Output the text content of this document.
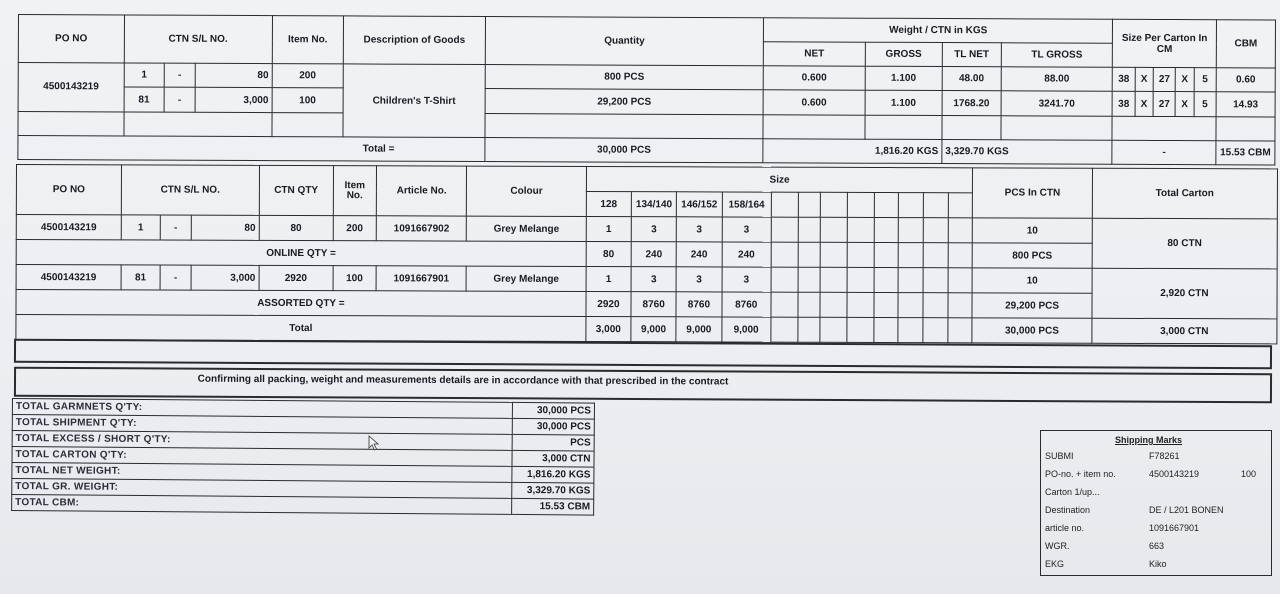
PO NO	CTN S/L NO.			Item No.	Description of Goods	Quantity	Weight / CTN in KGS				Size Per Carton In CM					CBM
							NET	GROSS	TL NET	TL GROSS						
4500143219	1	-	80	200	Children's T-Shirt	800 PCS	0.600	1.100	48.00	88.00	38	X	27	X	5	0.60
	81	-	3,000	100		29,200 PCS	0.600	1.100	1768.20	3241.70	38	X	27	X	5	14.93

Total =						30,000 PCS	1,816.20 KGS		3,329.70 KGS		-					15.53 CBM
PO NO	CTN S/L NO.			CTN QTY	Item No.	Article No.	Colour	Size												PCS In CTN	Total Carton
								128	134/140	146/152	158/164										
4500143219	1	-	80	80	200	1091667902	Grey Melange	1	3	3	3									10	80 CTN
ONLINE QTY =								80	240	240	240									800 PCS	
4500143219	81	-	3,000	2920	100	1091667901	Grey Melange	1	3	3	3									10	2,920 CTN
ASSORTED QTY =								2920	8760	8760	8760									29,200 PCS	
Total								3,000	9,000	9,000	9,000									30,000 PCS	3,000 CTN
Confirming all packing, weight and measurements details are in accordance with that prescribed in the contract
TOTAL GARMNETS Q'TY:	30,000 PCS
TOTAL SHIPMENT Q'TY:	30,000 PCS
TOTAL EXCESS / SHORT Q'TY:	PCS
TOTAL CARTON Q'TY:	3,000 CTN
TOTAL NET WEIGHT:	1,816.20 KGS
TOTAL GR. WEIGHT:	3,329.70 KGS
TOTAL CBM:	15.53 CBM
Shipping Marks
SUBMI	F78261
PO-no. + item no.	4500143219	100
Carton 1/up...
Destination	DE / L201 BONEN
article no.	1091667901
WGR.	663
EKG	Kiko
